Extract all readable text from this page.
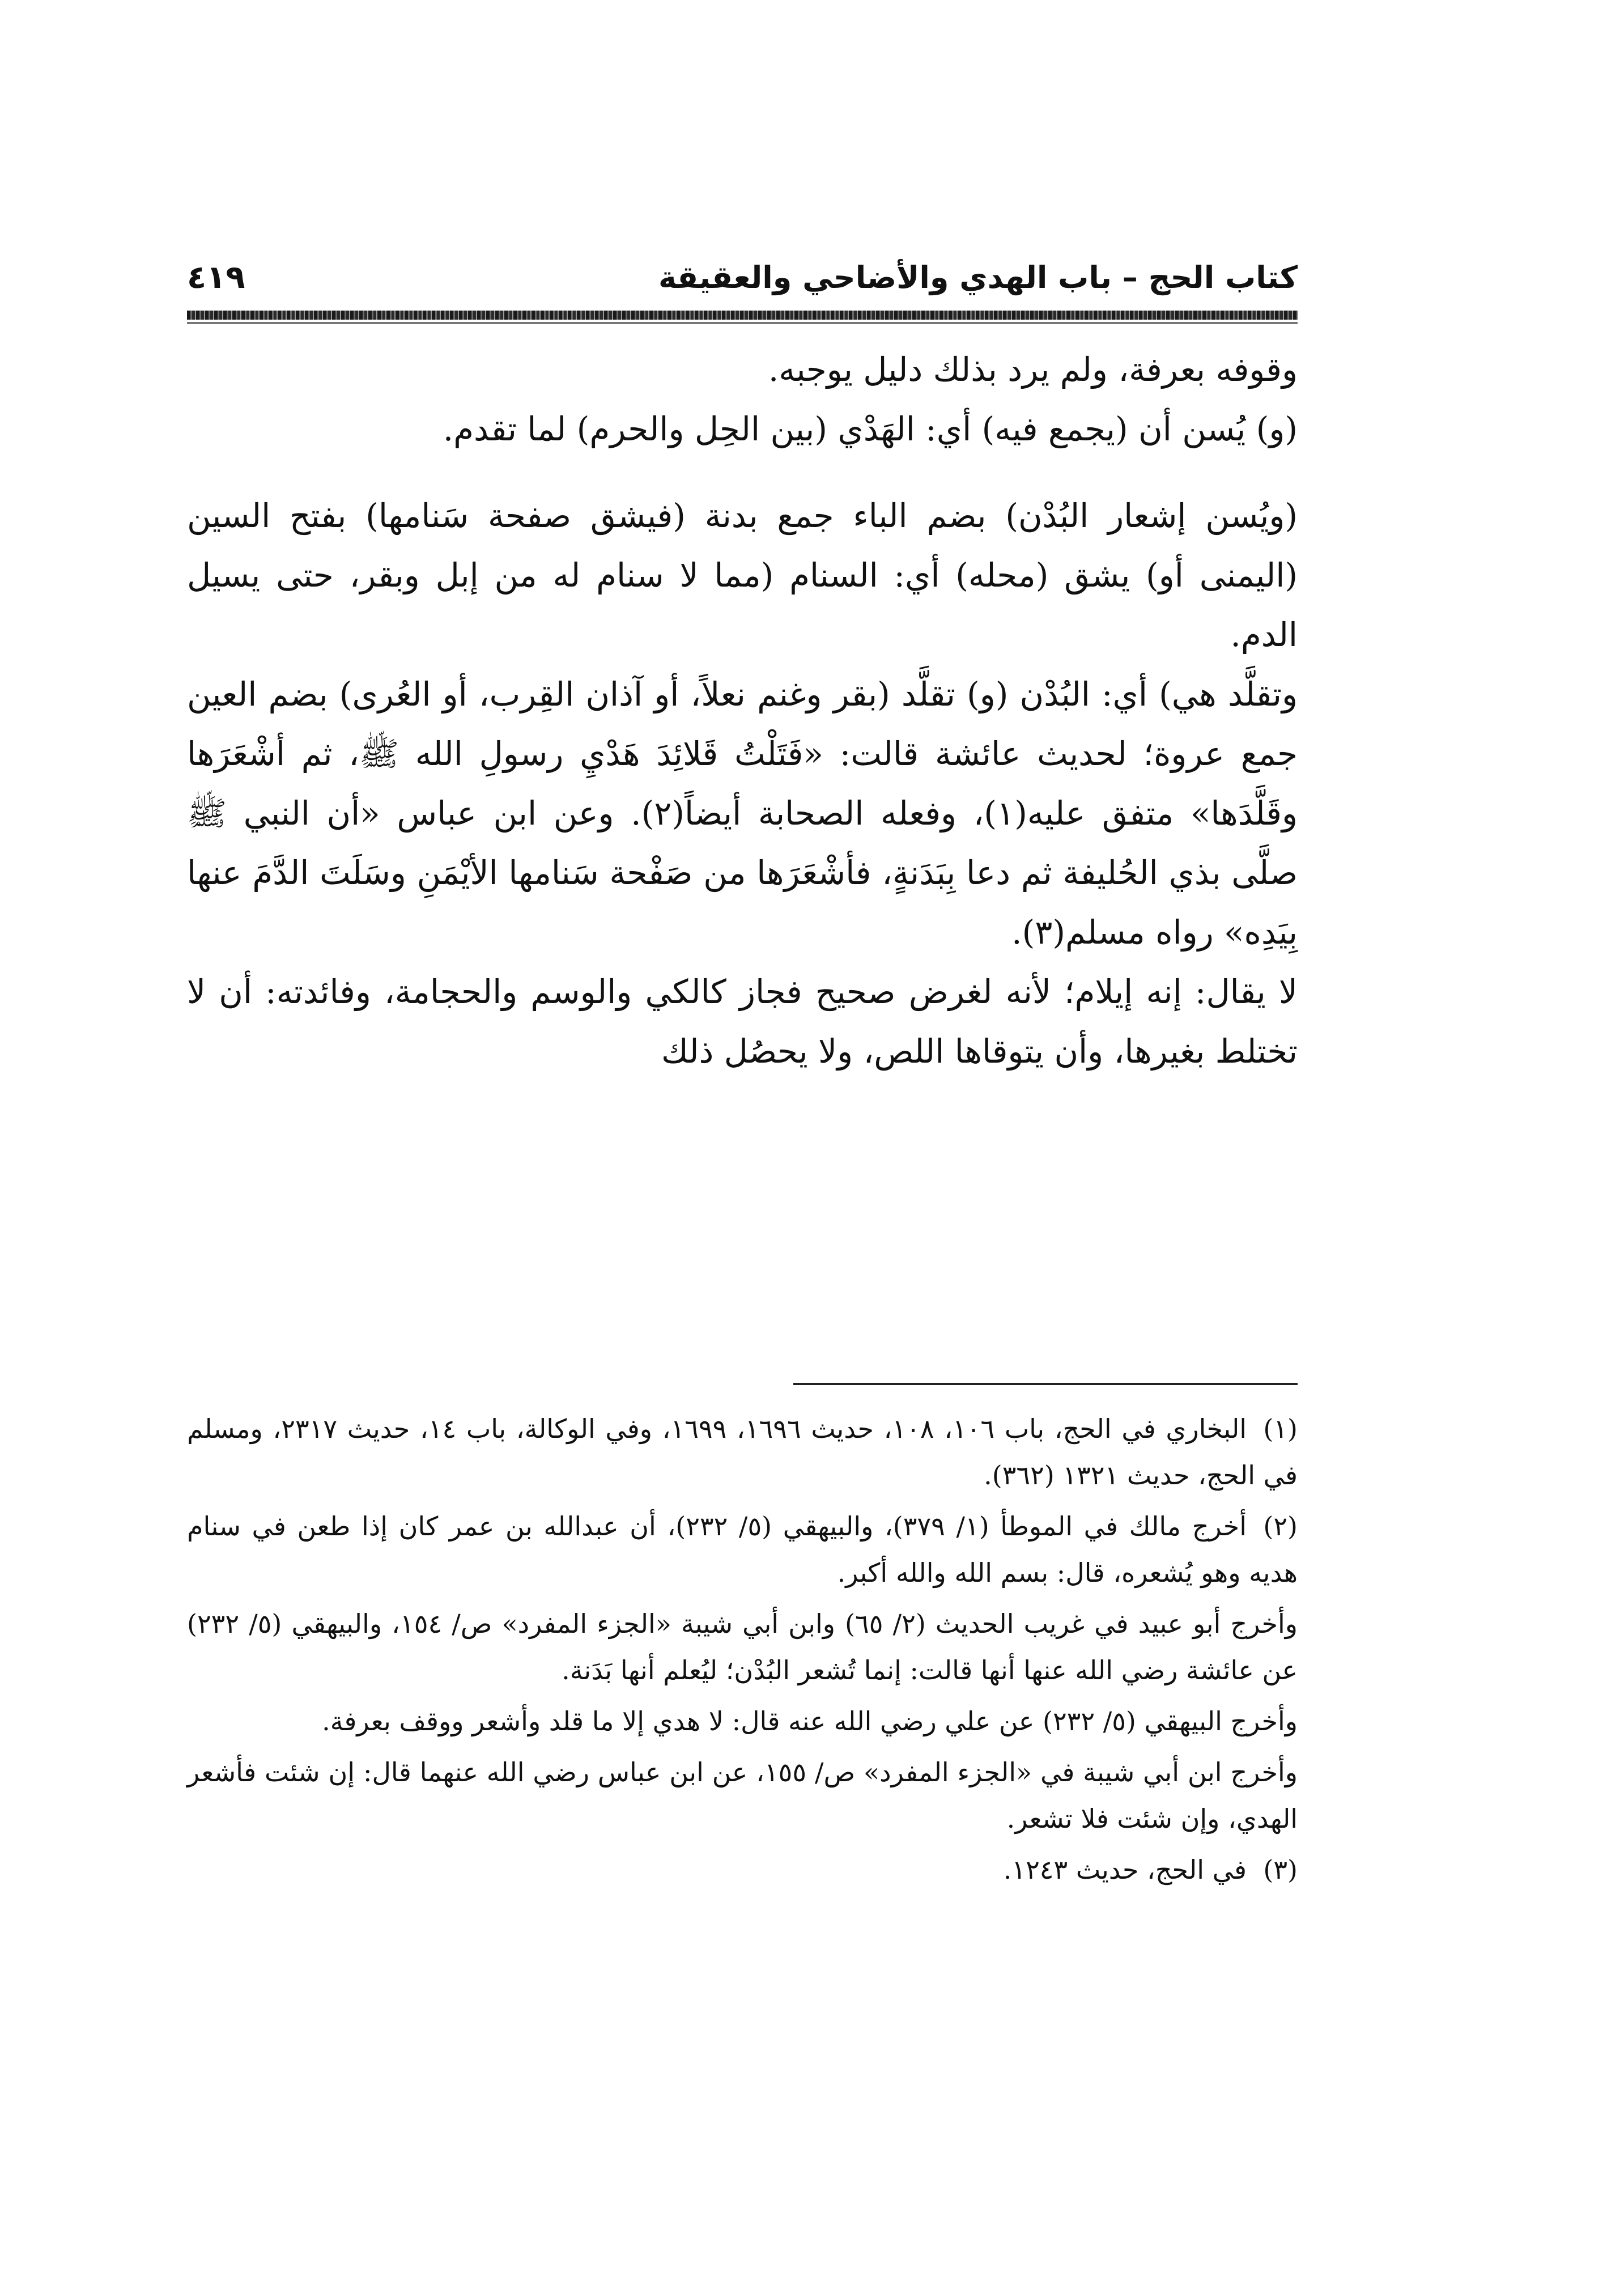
كتاب الحج – باب الهدي والأضاحي والعقيقة
٤١٩

وقوفه بعرفة، ولم يرد بذلك دليل يوجبه.

(و) يُسن أن (يجمع فيه) أي: الهَدْي (بين الحِل والحرم) لما تقدم.

(ويُسن إشعار البُدْن) بضم الباء جمع بدنة (فيشق صفحة سَنامها) بفتح السين (اليمنى أو) يشق (محله) أي: السنام (مما لا سنام له من إبل وبقر، حتى يسيل الدم.

وتقلَّد هي) أي: البُدْن (و) تقلَّد (بقر وغنم نعلاً، أو آذان القِرب، أو العُرى) بضم العين جمع عروة؛ لحديث عائشة قالت: «فَتَلْتُ قَلائِدَ هَدْيِ رسولِ الله ﷺ، ثم أشْعَرَها وقَلَّدَها» متفق عليه(١)، وفعله الصحابة أيضاً(٢). وعن ابن عباس «أن النبي ﷺ صلَّى بذي الحُليفة ثم دعا بِبَدَنةٍ، فأشْعَرَها من صَفْحة سَنامها الأيْمَنِ وسَلَتَ الدَّمَ عنها بِيَدِه» رواه مسلم(٣).

لا يقال: إنه إيلام؛ لأنه لغرض صحيح فجاز كالكي والوسم والحجامة، وفائدته: أن لا تختلط بغيرها، وأن يتوقاها اللص، ولا يحصُل ذلك

(١)البخاري في الحج، باب ١٠٦، ١٠٨، حديث ١٦٩٦، ١٦٩٩، وفي الوكالة، باب ١٤، حديث ٢٣١٧، ومسلم في الحج، حديث ١٣٢١ (٣٦٢).

(٢)أخرج مالك في الموطأ (١/ ٣٧٩)، والبيهقي (٥/ ٢٣٢)، أن عبدالله بن عمر كان إذا طعن في سنام هديه وهو يُشعره، قال: بسم الله والله أكبر.

وأخرج أبو عبيد في غريب الحديث (٢/ ٦٥) وابن أبي شيبة «الجزء المفرد» ص/ ١٥٤، والبيهقي (٥/ ٢٣٢) عن عائشة رضي الله عنها أنها قالت: إنما تُشعر البُدْن؛ ليُعلم أنها بَدَنة.

وأخرج البيهقي (٥/ ٢٣٢) عن علي رضي الله عنه قال: لا هدي إلا ما قلد وأشعر ووقف بعرفة.

وأخرج ابن أبي شيبة في «الجزء المفرد» ص/ ١٥٥، عن ابن عباس رضي الله عنهما قال: إن شئت فأشعر الهدي، وإن شئت فلا تشعر.

(٣)في الحج، حديث ١٢٤٣.
